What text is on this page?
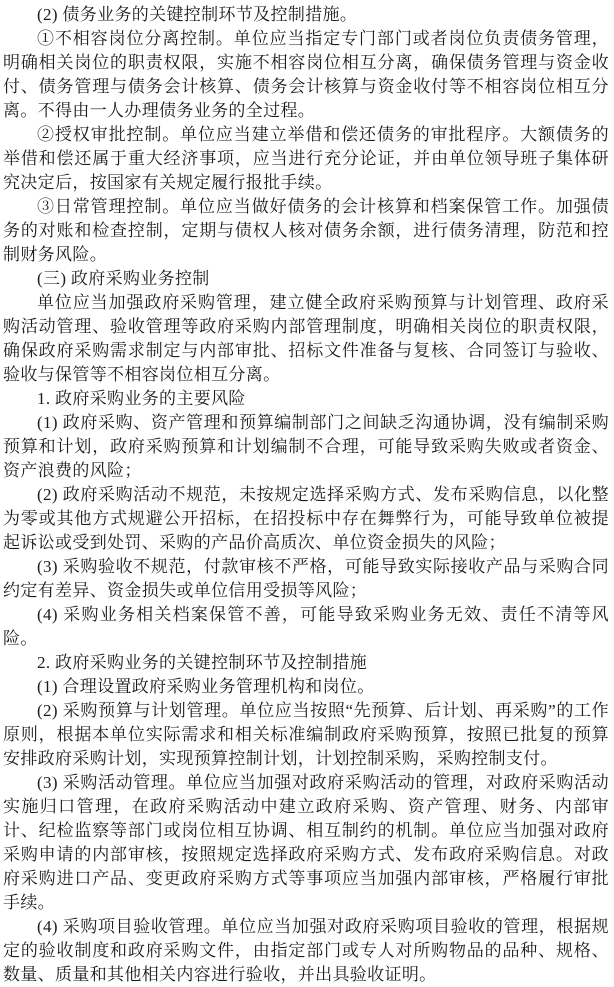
(2) 债务业务的关键控制环节及控制措施。

①不相容岗位分离控制。单位应当指定专门部门或者岗位负责债务管理，明确相关岗位的职责权限，实施不相容岗位相互分离，确保债务管理与资金收付、债务管理与债务会计核算、债务会计核算与资金收付等不相容岗位相互分离。不得由一人办理债务业务的全过程。

②授权审批控制。单位应当建立举借和偿还债务的审批程序。大额债务的举借和偿还属于重大经济事项，应当进行充分论证，并由单位领导班子集体研究决定后，按国家有关规定履行报批手续。

③日常管理控制。单位应当做好债务的会计核算和档案保管工作。加强债务的对账和检查控制，定期与债权人核对债务余额，进行债务清理，防范和控制财务风险。

(三) 政府采购业务控制

单位应当加强政府采购管理，建立健全政府采购预算与计划管理、政府采购活动管理、验收管理等政府采购内部管理制度，明确相关岗位的职责权限，确保政府采购需求制定与内部审批、招标文件准备与复核、合同签订与验收、验收与保管等不相容岗位相互分离。

1. 政府采购业务的主要风险

(1) 政府采购、资产管理和预算编制部门之间缺乏沟通协调，没有编制采购预算和计划，政府采购预算和计划编制不合理，可能导致采购失败或者资金、资产浪费的风险；

(2) 政府采购活动不规范，未按规定选择采购方式、发布采购信息，以化整为零或其他方式规避公开招标，在招投标中存在舞弊行为，可能导致单位被提起诉讼或受到处罚、采购的产品价高质次、单位资金损失的风险；

(3) 采购验收不规范，付款审核不严格，可能导致实际接收产品与采购合同约定有差异、资金损失或单位信用受损等风险；

(4) 采购业务相关档案保管不善，可能导致采购业务无效、责任不清等风险。

2. 政府采购业务的关键控制环节及控制措施

(1) 合理设置政府采购业务管理机构和岗位。

(2) 采购预算与计划管理。单位应当按照“先预算、后计划、再采购”的工作原则，根据本单位实际需求和相关标准编制政府采购预算，按照已批复的预算安排政府采购计划，实现预算控制计划，计划控制采购，采购控制支付。

(3) 采购活动管理。单位应当加强对政府采购活动的管理，对政府采购活动实施归口管理，在政府采购活动中建立政府采购、资产管理、财务、内部审计、纪检监察等部门或岗位相互协调、相互制约的机制。单位应当加强对政府采购申请的内部审核，按照规定选择政府采购方式、发布政府采购信息。对政府采购进口产品、变更政府采购方式等事项应当加强内部审核，严格履行审批手续。

(4) 采购项目验收管理。单位应当加强对政府采购项目验收的管理，根据规定的验收制度和政府采购文件，由指定部门或专人对所购物品的品种、规格、数量、质量和其他相关内容进行验收，并出具验收证明。
